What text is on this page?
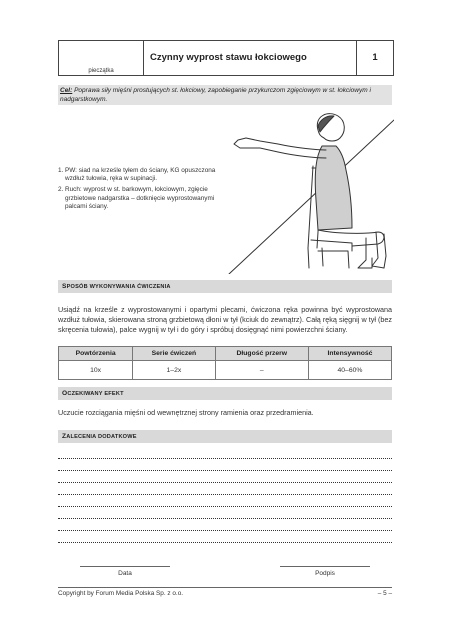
pieczątka
Czynny wyprost stawu łokciowego	1
Cel: Poprawa siły mięśni prostujących st. łokciowy, zapobieganie przykurczom zgięciowym w st. łokciowym i nadgarstkowym.
1. PW: siad na krześle tyłem do ściany, KG opuszczona wzdłuż tułowia, ręka w supinacji.
2. Ruch: wyprost w st. barkowym, łokciowym, zgięcie grzbietowe nadgarstka – dotknięcie wyprostowanymi palcami ściany.
SPOSÓB WYKONYWANIA ĆWICZENIA
Usiądź na krześle z wyprostowanymi i opartymi plecami, ćwiczona ręka powinna być wyprostowana wzdłuż tułowia, skierowana stroną grzbietową dłoni w tył (kciuk do zewnątrz). Całą ręką sięgnij w tył (bez skręcenia tułowia), palce wygnij w tył i do góry i spróbuj dosięgnąć nimi powierzchni ściany.
Powtórzenia	Serie ćwiczeń	Długość przerw	Intensywność
10x	1–2x	–	40–60%
OCZEKIWANY EFEKT
Uczucie rozciągania mięśni od wewnętrznej strony ramienia oraz przedramienia.
ZALECENIA DODATKOWE
Data	Podpis
Copyright by Forum Media Polska Sp. z o.o.	– 5 –
